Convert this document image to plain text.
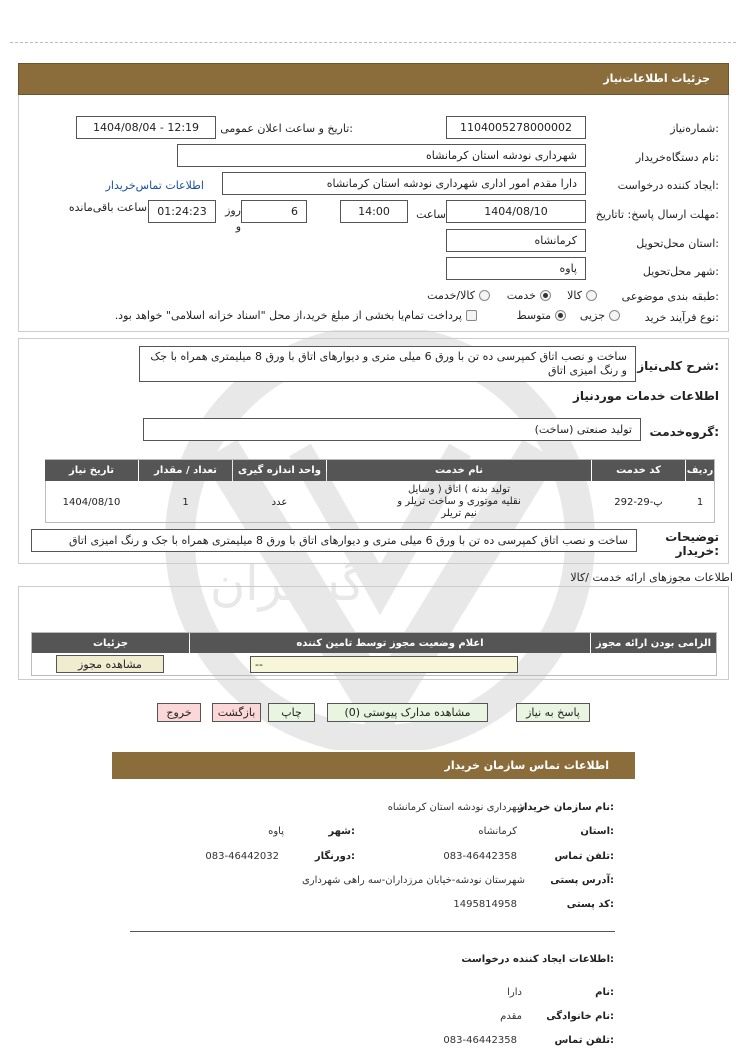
گستران
جزئیات اطلاعات‌نیاز
شماره‌نیاز:
1104005278000002
تاریخ و ساعت اعلان عمومی:
1404/08/04 - 12:19
نام دستگاه‌خریدار:
شهرداری نودشه استان کرمانشاه
ایجاد کننده درخواست:
دارا مقدم امور اداری شهرداری نودشه استان کرمانشاه
اطلاعات تماس‌خریدار
مهلت ارسال پاسخ: تاتاریخ:
1404/08/10
ساعت
14:00
6
روز و
01:24:23
ساعت باقی‌مانده
استان محل‌تحویل:
کرمانشاه
شهر محل‌تحویل:
پاوه
طبقه بندی موضوعی:
کالا
خدمت
کالا/خدمت
نوع فرآیند خرید:
جزیی
متوسط
پرداخت تمام‌یا بخشی از مبلغ خرید،از محل "اسناد خزانه اسلامی" خواهد بود.
شرح کلی‌نیاز:
ساخت و نصب اتاق کمپرسی ده تن با ورق 6 میلی متری و دیوارهای اتاق با ورق 8 میلیمتری همراه با جک و رنگ امیزی اتاق
اطلاعات خدمات موردنیاز
گروه‌خدمت:
تولید صنعتی (ساخت)
ردیف
کد خدمت
نام خدمت
واحد اندازه گیری
تعداد / مقدار
تاریخ نیاز
1
پ-29-292
تولید بدنه ) اتاق ( وسایل نقلیه موتوری و ساخت تریلر و نیم تریلر
عدد
1
1404/08/10
توضیحات خریدار:
ساخت و نصب اتاق کمپرسی ده تن با ورق 6 میلی متری و دیوارهای اتاق با ورق 8 میلیمتری همراه با جک و رنگ امیزی اتاق
اطلاعات مجوزهای ارائه خدمت /کالا
الزامی بودن ارائه مجوز
اعلام وضعیت مجوز توسط تامین کننده
جزئیات
--
مشاهده مجوز
پاسخ به نیاز
مشاهده مدارک پیوستی (0)
چاپ
بازگشت
خروج
اطلاعات تماس سازمان خریدار
نام سازمان خریدار:
شهرداری نودشه استان کرمانشاه
استان:
کرمانشاه
شهر:
پاوه
تلفن تماس:
083-46442358
دورنگار:
083-46442032
آدرس پستی:
شهرستان نودشه-خیابان مرزداران-سه راهی شهرداری
کد پستی:
1495814958
اطلاعات ایجاد کننده درخواست:
نام:
دارا
نام خانوادگی:
مقدم
تلفن تماس:
083-46442358
